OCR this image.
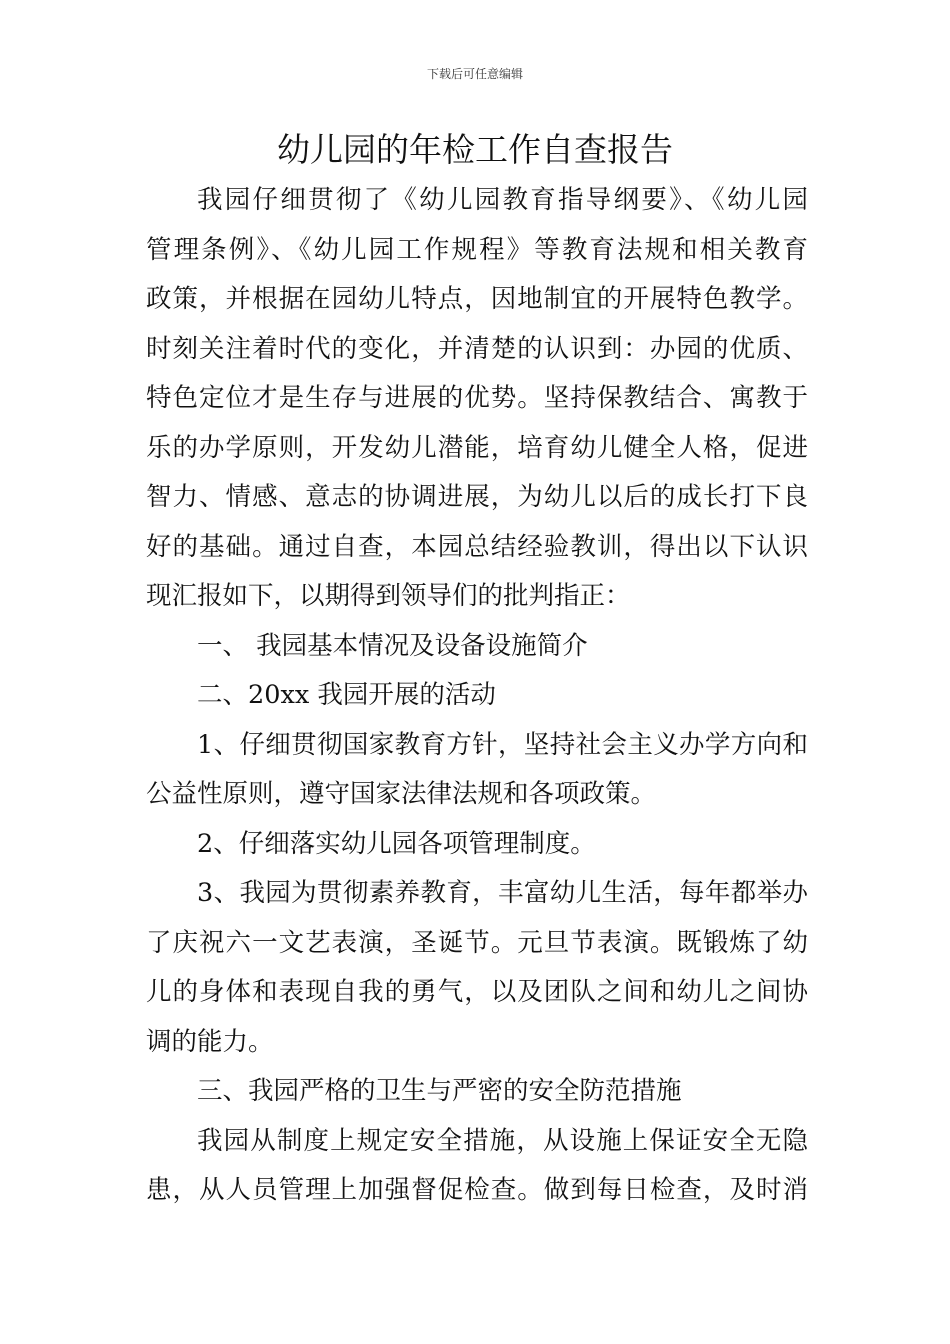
下载后可任意编辑
幼儿园的年检工作自查报告
我园仔细贯彻了《幼儿园教育指导纲要》、《幼儿园
管理条例》、《幼儿园工作规程》等教育法规和相关教育
政策，并根据在园幼儿特点，因地制宜的开展特色教学。
时刻关注着时代的变化，并清楚的认识到：办园的优质、
特色定位才是生存与进展的优势。坚持保教结合、寓教于
乐的办学原则，开发幼儿潜能，培育幼儿健全人格，促进
智力、情感、意志的协调进展，为幼儿以后的成长打下良
好的基础。通过自查，本园总结经验教训，得出以下认识
现汇报如下，以期得到领导们的批判指正：
一、 我园基本情况及设备设施简介
二、20xx 我园开展的活动
1、仔细贯彻国家教育方针，坚持社会主义办学方向和
公益性原则，遵守国家法律法规和各项政策。
2、仔细落实幼儿园各项管理制度。
3、我园为贯彻素养教育，丰富幼儿生活，每年都举办
了庆祝六一文艺表演，圣诞节。元旦节表演。既锻炼了幼
儿的身体和表现自我的勇气，以及团队之间和幼儿之间协
调的能力。
三、我园严格的卫生与严密的安全防范措施
我园从制度上规定安全措施，从设施上保证安全无隐
患，从人员管理上加强督促检查。做到每日检查，及时消
